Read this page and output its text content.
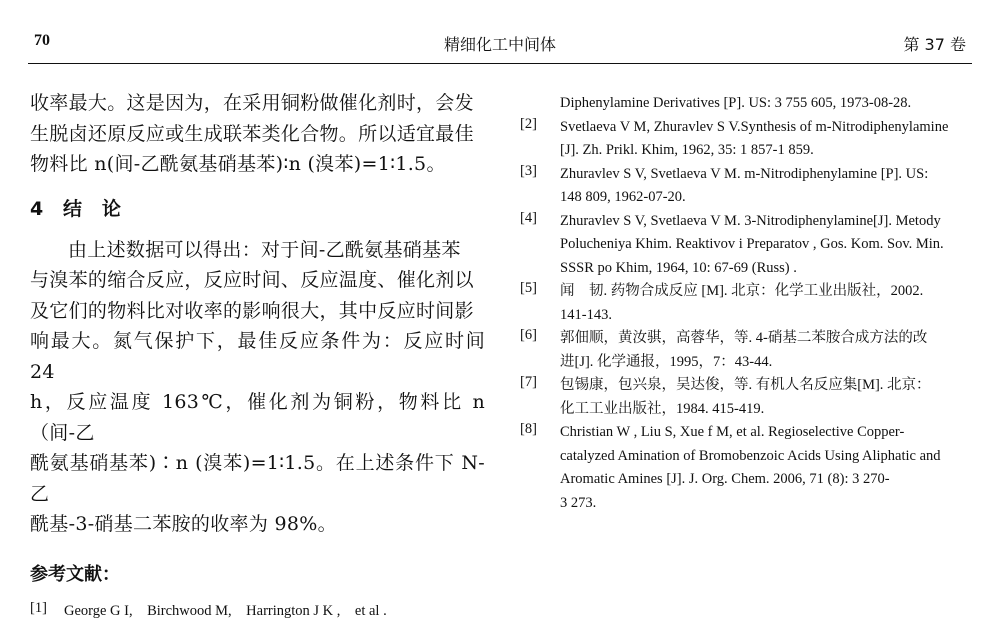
70	精细化工中间体	第 37 卷

收率最大。这是因为，在采用铜粉做催化剂时，会发

生脱卤还原反应或生成联苯类化合物。所以适宜最佳

物料比 n(间-乙酰氨基硝基苯)∶n (溴苯)=1∶1.5。

4　结　论

由上述数据可以得出：对于间-乙酰氨基硝基苯

与溴苯的缩合反应，反应时间、反应温度、催化剂以

及它们的物料比对收率的影响很大，其中反应时间影

响最大。氮气保护下，最佳反应条件为：反应时间 24

h，反应温度 163℃，催化剂为铜粉，物料比 n （间-乙

酰氨基硝基苯)∶n (溴苯)=1∶1.5。在上述条件下 N-乙

酰基-3-硝基二苯胺的收率为 98%。

参考文献：

[1]	George G I,　Birchwood M,　Harrington J K ,　et al .
Diphenylamine Derivatives [P]. US: 3 755 605, 1973-08-28.
[2]	Svetlaeva V M, Zhuravlev S V.Synthesis of m-Nitrodiphenylamine
[J]. Zh. Prikl. Khim, 1962, 35: 1 857-1 859.
[3]	Zhuravlev S V, Svetlaeva V M. m-Nitrodiphenylamine [P]. US:
148 809, 1962-07-20.
[4]	Zhuravlev S V, Svetlaeva V M. 3-Nitrodiphenylamine[J]. Metody
Polucheniya Khim. Reaktivov i Preparatov , Gos. Kom. Sov. Min.
SSSR po Khim, 1964, 10: 67-69 (Russ) .
[5]	闻　韧. 药物合成反应 [M]. 北京：化学工业出版社，2002.
141-143.
[6]	郭佃顺，黄汝骐，高蓉华，等. 4-硝基二苯胺合成方法的改
进[J]. 化学通报，1995，7：43-44.
[7]	包锡康，包兴泉，吴达俊，等. 有机人名反应集[M]. 北京：
化工工业出版社，1984. 415-419.
[8]	Christian W , Liu S, Xue f M, et al. Regioselective Copper-
catalyzed Amination of Bromobenzoic Acids Using Aliphatic and
Aromatic Amines [J]. J. Org. Chem. 2006, 71 (8): 3 270-
3 273.
